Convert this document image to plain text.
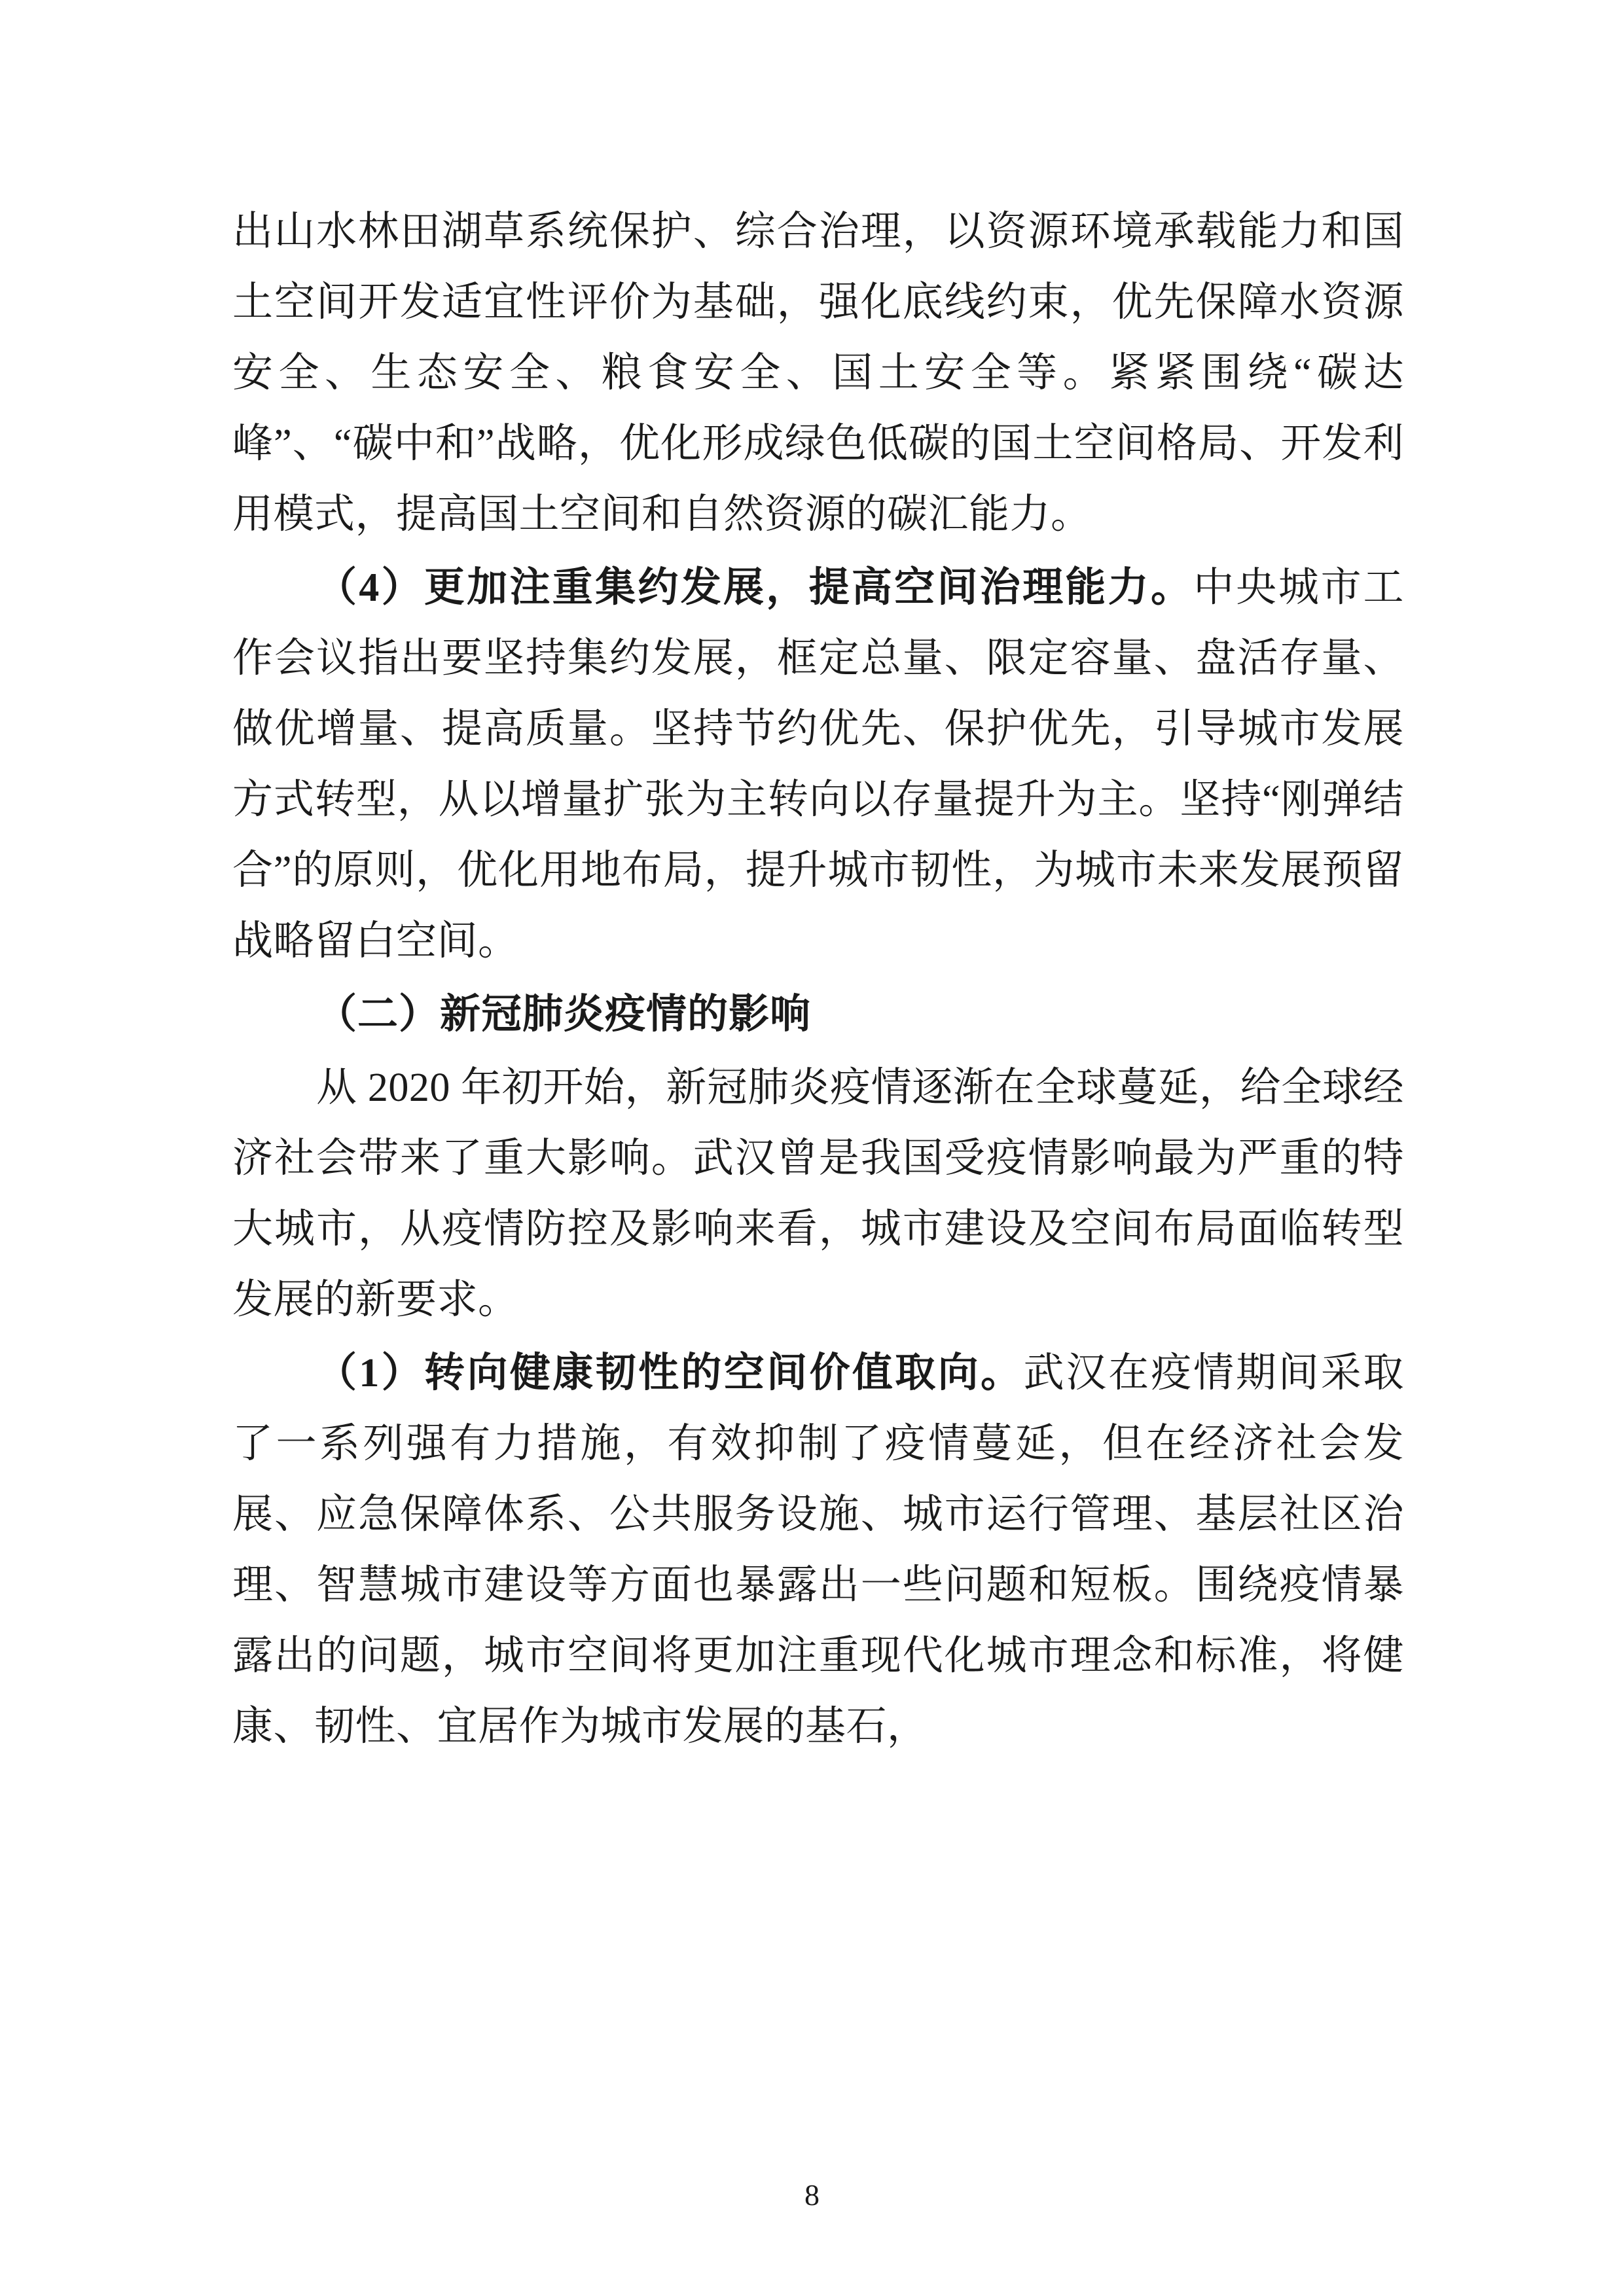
出山水林田湖草系统保护、综合治理，以资源环境承载能力和国土空间开发适宜性评价为基础，强化底线约束，优先保障水资源安全、生态安全、粮食安全、国土安全等。紧紧围绕“碳达峰”、“碳中和”战略，优化形成绿色低碳的国土空间格局、开发利用模式，提高国土空间和自然资源的碳汇能力。

（4）更加注重集约发展，提高空间治理能力。中央城市工作会议指出要坚持集约发展，框定总量、限定容量、盘活存量、做优增量、提高质量。坚持节约优先、保护优先，引导城市发展方式转型，从以增量扩张为主转向以存量提升为主。坚持“刚弹结合”的原则，优化用地布局，提升城市韧性，为城市未来发展预留战略留白空间。

（二）新冠肺炎疫情的影响

从 2020 年初开始，新冠肺炎疫情逐渐在全球蔓延，给全球经济社会带来了重大影响。武汉曾是我国受疫情影响最为严重的特大城市，从疫情防控及影响来看，城市建设及空间布局面临转型发展的新要求。

（1）转向健康韧性的空间价值取向。武汉在疫情期间采取了一系列强有力措施，有效抑制了疫情蔓延，但在经济社会发展、应急保障体系、公共服务设施、城市运行管理、基层社区治理、智慧城市建设等方面也暴露出一些问题和短板。围绕疫情暴露出的问题，城市空间将更加注重现代化城市理念和标准，将健康、韧性、宜居作为城市发展的基石，

8
